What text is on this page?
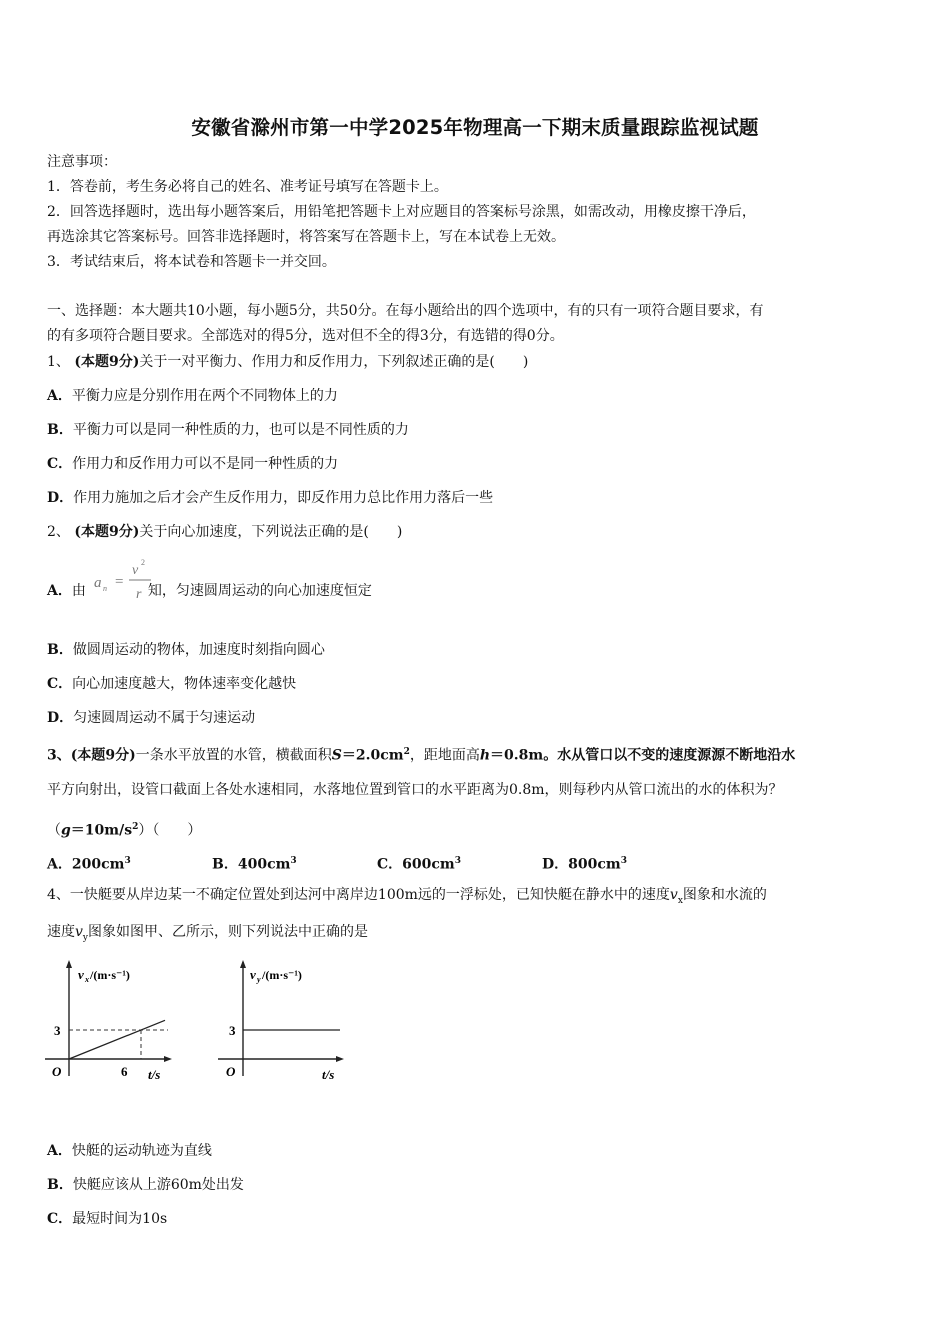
安徽省滁州市第一中学2025年物理高一下期末质量跟踪监视试题
注意事项：
1．答卷前，考生务必将自己的姓名、准考证号填写在答题卡上。
2．回答选择题时，选出每小题答案后，用铅笔把答题卡上对应题目的答案标号涂黑，如需改动，用橡皮擦干净后，
再选涂其它答案标号。回答非选择题时，将答案写在答题卡上，写在本试卷上无效。
3．考试结束后，将本试卷和答题卡一并交回。
一、选择题：本大题共10小题，每小题5分，共50分。在每小题给出的四个选项中，有的只有一项符合题目要求，有
的有多项符合题目要求。全部选对的得5分，选对但不全的得3分，有选错的得0分。
1、 (本题9分)关于一对平衡力、作用力和反作用力，下列叙述正确的是(　　)
A．平衡力应是分别作用在两个不同物体上的力
B．平衡力可以是同一种性质的力，也可以是不同性质的力
C．作用力和反作用力可以不是同一种性质的力
D．作用力施加之后才会产生反作用力，即反作用力总比作用力落后一些
2、 (本题9分)关于向心加速度，下列说法正确的是(　　)
A．由	知，匀速圆周运动的向心加速度恒定
a n =
v
2
r
B．做圆周运动的物体，加速度时刻指向圆心
C．向心加速度越大，物体速率变化越快
D．匀速圆周运动不属于匀速运动
3、(本题9分)一条水平放置的水管，横截面积$S=2.0cm^2$，距地面高h＝0.8m。水从管口以不变的速度源源不断地沿水
平方向射出，设管口截面上各处水速相同，水落地位置到管口的水平距离为0.8m，则每秒内从管口流出的水的体积为？
$(g=10m/s^2)$（　　）
A．$200cm^3$	B．$400cm^3$	C．$600cm^3$	D．$800cm^3$
4、一快艇要从岸边某一不确定位置处到达河中离岸边100m远的一浮标处，已知快艇在静水中的速度$v_x$图象和水流的
速度$v_y$图象如图甲、乙所示，则下列说法中正确的是
v x /(m·s⁻¹)
3
6
O	t/s
v y /(m·s⁻¹)
3
O	t/s
A．快艇的运动轨迹为直线
B．快艇应该从上游60m处出发
C．最短时间为10s
